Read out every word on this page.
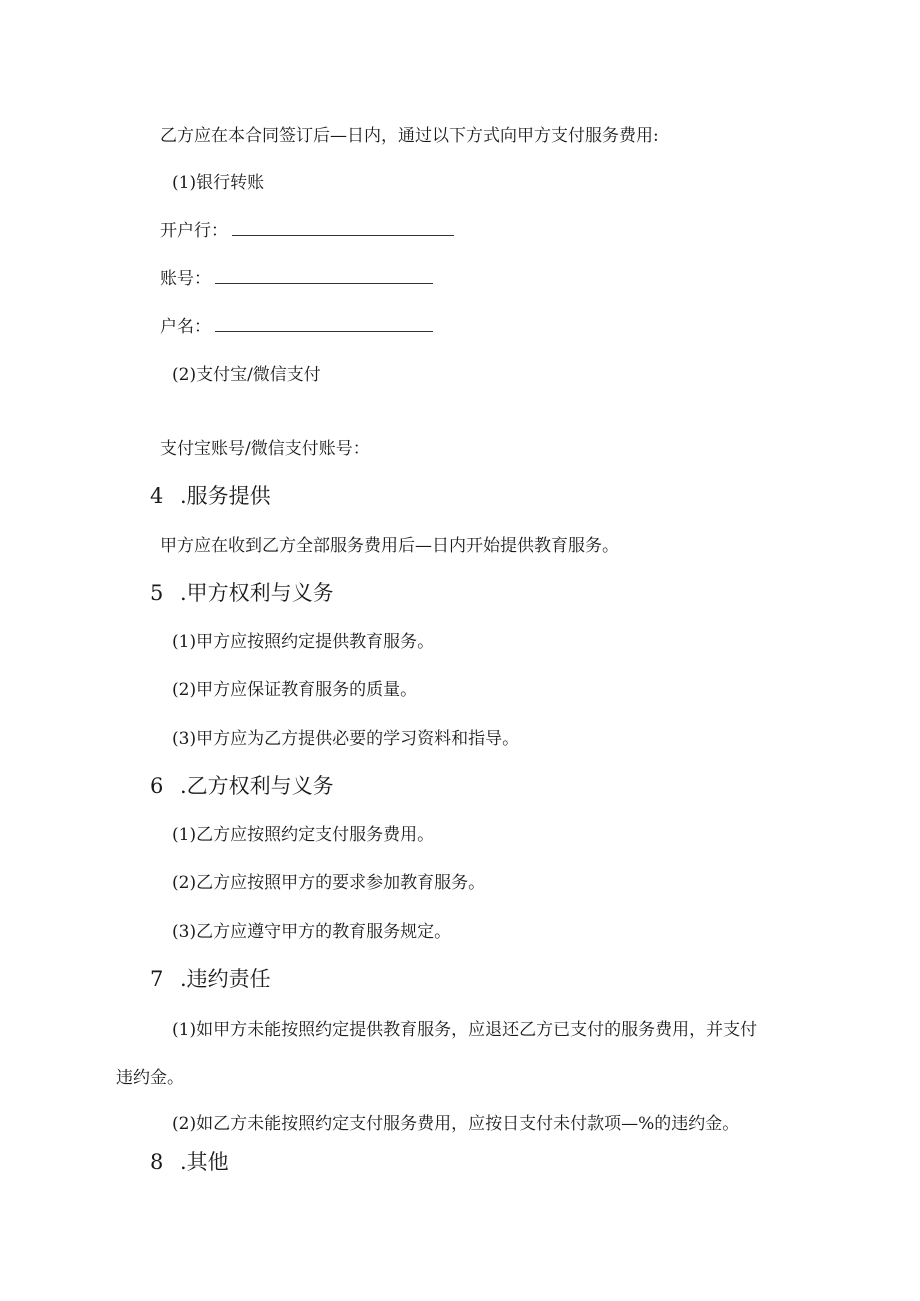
乙方应在本合同签订后—日内，通过以下方式向甲方支付服务费用:
(1)银行转账
开户行：
账号：
户名：
(2)支付宝/微信支付
支付宝账号/微信支付账号：
4 .服务提供
甲方应在收到乙方全部服务费用后—日内开始提供教育服务。
5 .甲方权利与义务
(1)甲方应按照约定提供教育服务。
(2)甲方应保证教育服务的质量。
(3)甲方应为乙方提供必要的学习资料和指导。
6 .乙方权利与义务
(1)乙方应按照约定支付服务费用。
(2)乙方应按照甲方的要求参加教育服务。
(3)乙方应遵守甲方的教育服务规定。
7 .违约责任
(1)如甲方未能按照约定提供教育服务，应退还乙方已支付的服务费用，并支付
违约金。
(2)如乙方未能按照约定支付服务费用，应按日支付未付款项—%的违约金。
8 .其他
